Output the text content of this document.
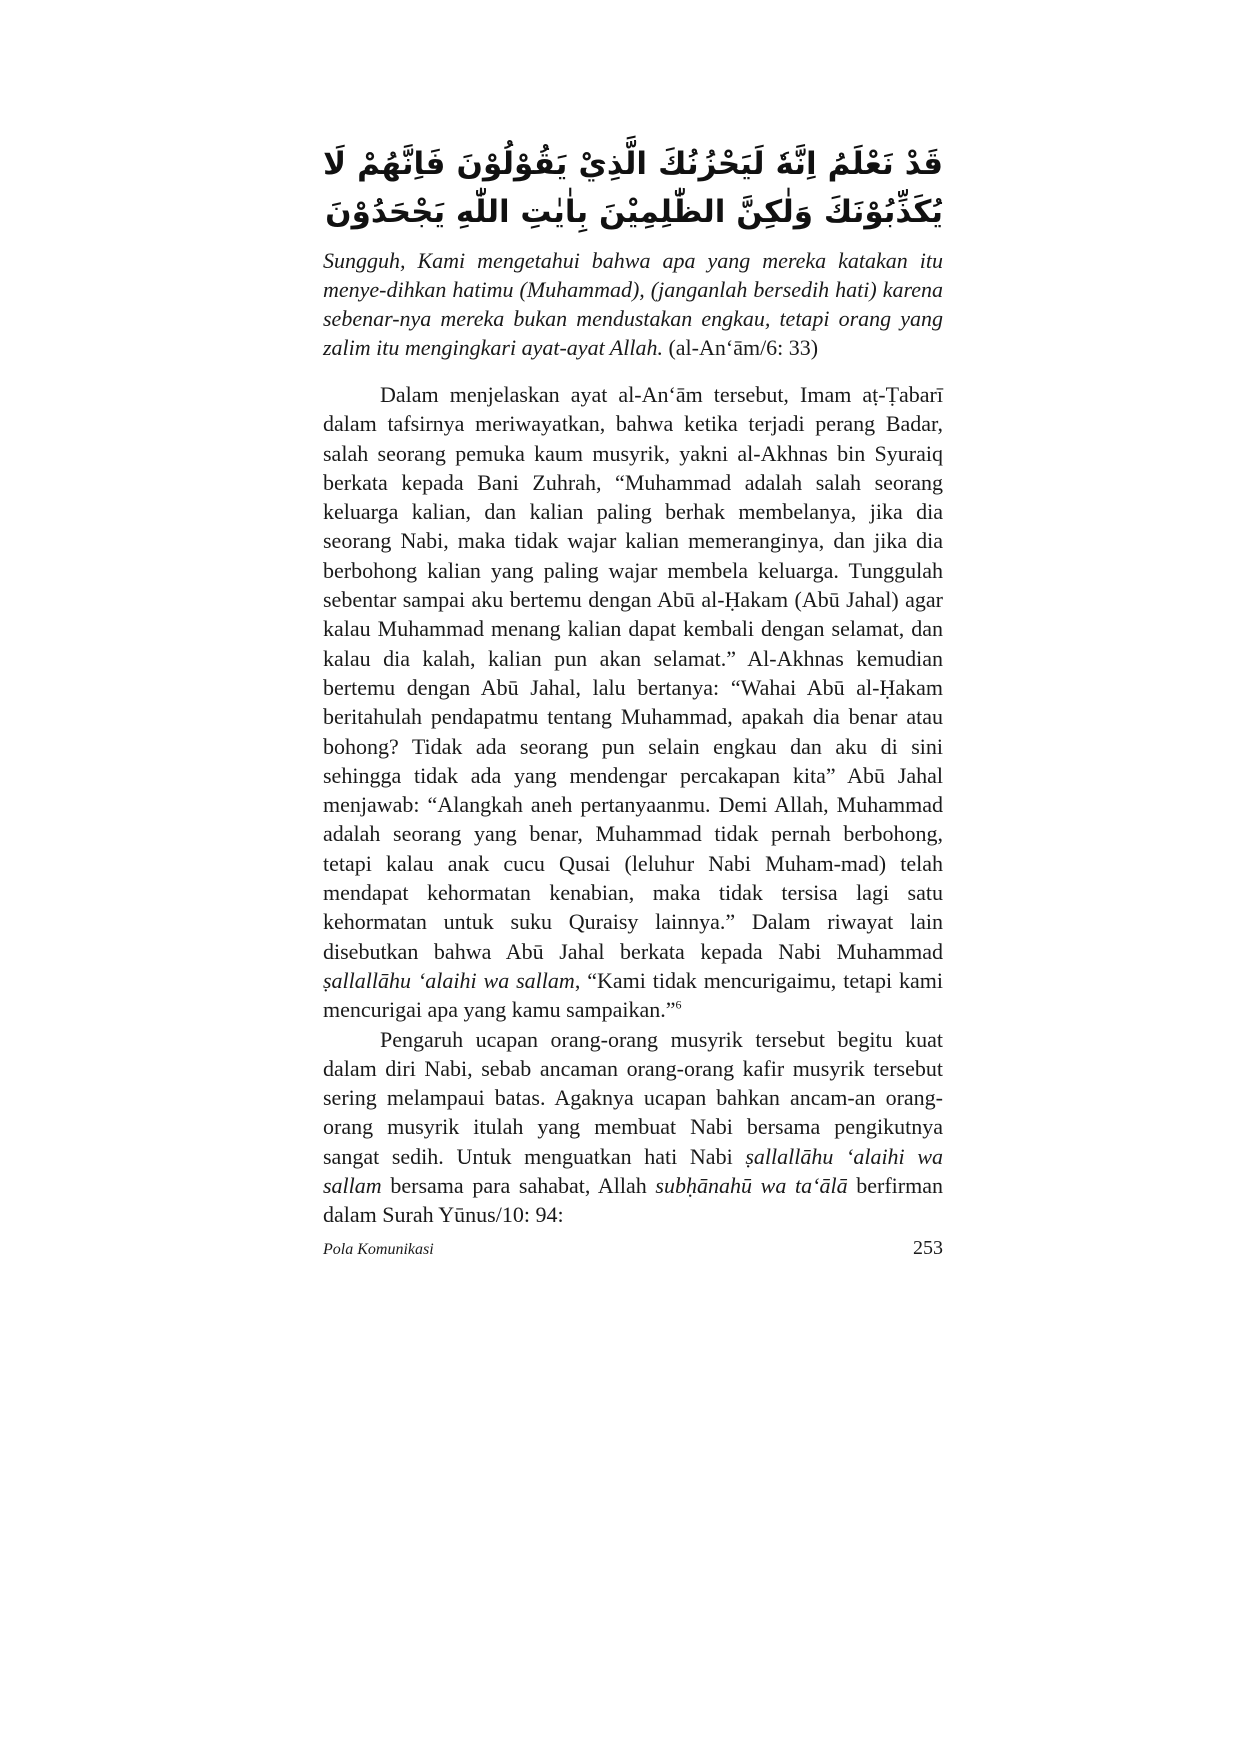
قَدْ نَعْلَمُ اِنَّهٗ لَيَحْزُنُكَ الَّذِيْ يَقُوْلُوْنَ فَاِنَّهُمْ لَا يُكَذِّبُوْنَكَ وَلٰكِنَّ الظّٰلِمِيْنَ بِاٰيٰتِ اللّٰهِ يَجْحَدُوْنَ

Sungguh, Kami mengetahui bahwa apa yang mereka katakan itu menye-dihkan hatimu (Muhammad), (janganlah bersedih hati) karena sebenar-nya mereka bukan mendustakan engkau, tetapi orang yang zalim itu mengingkari ayat-ayat Allah. (al-An‘ām/6: 33)

Dalam menjelaskan ayat al-An‘ām tersebut, Imam aṭ-Ṭabarī dalam tafsirnya meriwayatkan, bahwa ketika terjadi perang Badar, salah seorang pemuka kaum musyrik, yakni al-Akhnas bin Syuraiq berkata kepada Bani Zuhrah, “Muhammad adalah salah seorang keluarga kalian, dan kalian paling berhak membelanya, jika dia seorang Nabi, maka tidak wajar kalian memeranginya, dan jika dia berbohong kalian yang paling wajar membela keluarga. Tunggulah sebentar sampai aku bertemu dengan Abū al-Ḥakam (Abū Jahal) agar kalau Muhammad menang kalian dapat kembali dengan selamat, dan kalau dia kalah, kalian pun akan selamat.” Al-Akhnas kemudian bertemu dengan Abū Jahal, lalu bertanya: “Wahai Abū al-Ḥakam beritahulah pendapatmu tentang Muhammad, apakah dia benar atau bohong? Tidak ada seorang pun selain engkau dan aku di sini sehingga tidak ada yang mendengar percakapan kita” Abū Jahal menjawab: “Alangkah aneh pertanyaanmu. Demi Allah, Muhammad adalah seorang yang benar, Muhammad tidak pernah berbohong, tetapi kalau anak cucu Qusai (leluhur Nabi Muham-mad) telah mendapat kehormatan kenabian, maka tidak tersisa lagi satu kehormatan untuk suku Quraisy lainnya.” Dalam riwayat lain disebutkan bahwa Abū Jahal berkata kepada Nabi Muhammad ṣallallāhu ‘alaihi wa sallam, “Kami tidak mencurigaimu, tetapi kami mencurigai apa yang kamu sampaikan.”$^6$

Pengaruh ucapan orang-orang musyrik tersebut begitu kuat dalam diri Nabi, sebab ancaman orang-orang kafir musyrik tersebut sering melampaui batas. Agaknya ucapan bahkan ancam-an orang-orang musyrik itulah yang membuat Nabi bersama pengikutnya sangat sedih. Untuk menguatkan hati Nabi ṣallallāhu ‘alaihi wa sallam bersama para sahabat, Allah subḥānahū wa ta‘ālā berfirman dalam Surah Yūnus/10: 94:

Pola Komunikasi	253
